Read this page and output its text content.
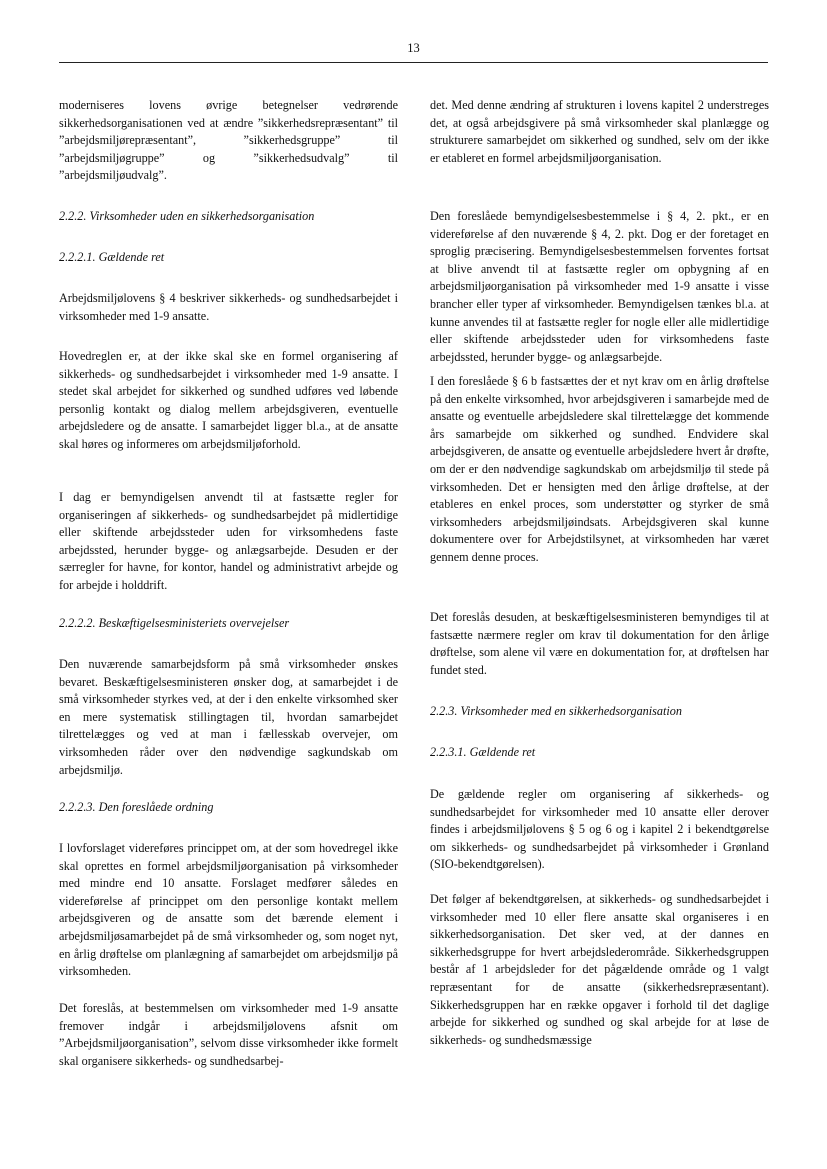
13

moderniseres lovens øvrige betegnelser vedrørende sikkerhedsorganisationen ved at ændre ”sikkerhedsrepræsentant” til ”arbejdsmiljørepræsentant”, ”sikkerhedsgruppe” til ”arbejdsmiljøgruppe” og ”sikkerhedsudvalg” til ”arbejdsmiljøudvalg”.

2.2.2. Virksomheder uden en sikkerhedsorganisation

2.2.2.1. Gældende ret

Arbejdsmiljølovens § 4 beskriver sikkerheds- og sundhedsarbejdet i virksomheder med 1-9 ansatte.

Hovedreglen er, at der ikke skal ske en formel organisering af sikkerheds- og sundhedsarbejdet i virksomheder med 1-9 ansatte. I stedet skal arbejdet for sikkerhed og sundhed udføres ved løbende personlig kontakt og dialog mellem arbejdsgiveren, eventuelle arbejdsledere og de ansatte. I samarbejdet ligger bl.a., at de ansatte skal høres og informeres om arbejdsmiljøforhold.

I dag er bemyndigelsen anvendt til at fastsætte regler for organiseringen af sikkerheds- og sundhedsarbejdet på midlertidige eller skiftende arbejdssteder uden for virksomhedens faste arbejdssted, herunder bygge- og anlægsarbejde. Desuden er der særregler for havne, for kontor, handel og administrativt arbejde og for arbejde i holddrift.

2.2.2.2. Beskæftigelsesministeriets overvejelser

Den nuværende samarbejdsform på små virksomheder ønskes bevaret. Beskæftigelsesministeren ønsker dog, at samarbejdet i de små virksomheder styrkes ved, at der i den enkelte virksomhed sker en mere systematisk stillingtagen til, hvordan samarbejdet tilrettelægges og ved at man i fællesskab overvejer, om virksomheden råder over den nødvendige sagkundskab om arbejdsmiljø.

2.2.2.3. Den foreslåede ordning

I lovforslaget videreføres princippet om, at der som hovedregel ikke skal oprettes en formel arbejdsmiljøorganisation på virksomheder med mindre end 10 ansatte. Forslaget medfører således en videreførelse af princippet om den personlige kontakt mellem arbejdsgiveren og de ansatte som det bærende element i arbejdsmiljøsamarbejdet på de små virksomheder og, som noget nyt, en årlig drøftelse om planlægning af samarbejdet om arbejdsmiljø på virksomheden.

Det foreslås, at bestemmelsen om virksomheder med 1-9 ansatte fremover indgår i arbejdsmiljølovens afsnit om ”Arbejdsmiljøorganisation”, selvom disse virksomheder ikke formelt skal organisere sikkerheds- og sundhedsarbej-

det. Med denne ændring af strukturen i lovens kapitel 2 understreges det, at også arbejdsgivere på små virksomheder skal planlægge og strukturere samarbejdet om sikkerhed og sundhed, selv om der ikke er etableret en formel arbejdsmiljøorganisation.

Den foreslåede bemyndigelsesbestemmelse i § 4, 2. pkt., er en videreførelse af den nuværende § 4, 2. pkt. Dog er der foretaget en sproglig præcisering. Bemyndigelsesbestemmelsen forventes fortsat at blive anvendt til at fastsætte regler om opbygning af en arbejdsmiljøorganisation på virksomheder med 1-9 ansatte i visse brancher eller typer af virksomheder. Bemyndigelsen tænkes bl.a. at kunne anvendes til at fastsætte regler for nogle eller alle midlertidige eller skiftende arbejdssteder uden for virksomhedens faste arbejdssted, herunder bygge- og anlægsarbejde.

I den foreslåede § 6 b fastsættes der et nyt krav om en årlig drøftelse på den enkelte virksomhed, hvor arbejdsgiveren i samarbejde med de ansatte og eventuelle arbejdsledere skal tilrettelægge det kommende års samarbejde om sikkerhed og sundhed. Endvidere skal arbejdsgiveren, de ansatte og eventuelle arbejdsledere hvert år drøfte, om der er den nødvendige sagkundskab om arbejdsmiljø til stede på virksomheden. Det er hensigten med den årlige drøftelse, at der etableres en enkel proces, som understøtter og styrker de små virksomheders arbejdsmiljøindsats. Arbejdsgiveren skal kunne dokumentere over for Arbejdstilsynet, at virksomheden har været gennem denne proces.

Det foreslås desuden, at beskæftigelsesministeren bemyndiges til at fastsætte nærmere regler om krav til dokumentation for den årlige drøftelse, som alene vil være en dokumentation for, at drøftelsen har fundet sted.

2.2.3. Virksomheder med en sikkerhedsorganisation

2.2.3.1. Gældende ret

De gældende regler om organisering af sikkerheds- og sundhedsarbejdet for virksomheder med 10 ansatte eller derover findes i arbejdsmiljølovens § 5 og 6 og i kapitel 2 i bekendtgørelse om sikkerheds- og sundhedsarbejdet på virksomheder i Grønland (SIO-bekendtgørelsen).

Det følger af bekendtgørelsen, at sikkerheds- og sundhedsarbejdet i virksomheder med 10 eller flere ansatte skal organiseres i en sikkerhedsorganisation. Det sker ved, at der dannes en sikkerhedsgruppe for hvert arbejdslederområde. Sikkerhedsgruppen består af 1 arbejdsleder for det pågældende område og 1 valgt repræsentant for de ansatte (sikkerhedsrepræsentant). Sikkerhedsgruppen har en række opgaver i forhold til det daglige arbejde for sikkerhed og sundhed og skal arbejde for at løse de sikkerheds- og sundhedsmæssige
